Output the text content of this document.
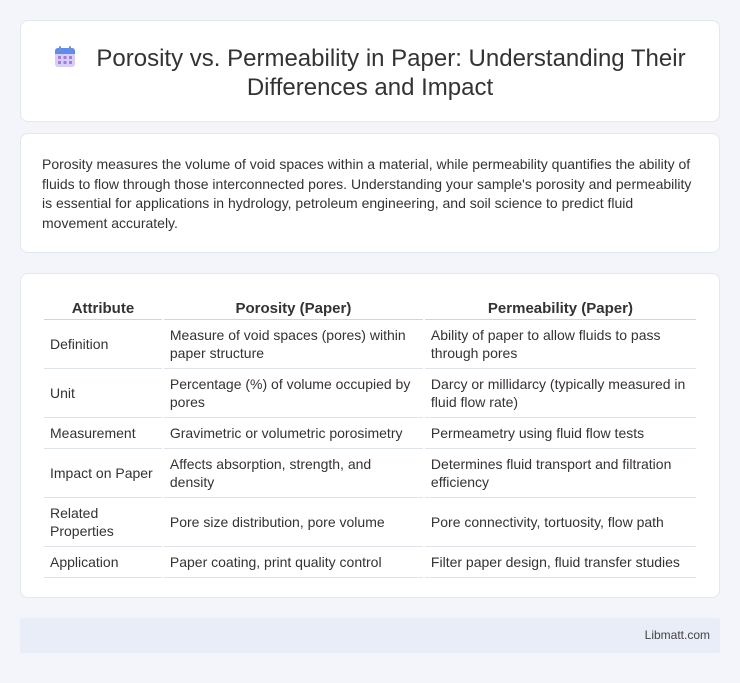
Porosity vs. Permeability in Paper: Understanding Their Differences and Impact

Porosity measures the volume of void spaces within a material, while permeability quantifies the ability of fluids to flow through those interconnected pores. Understanding your sample's porosity and permeability is essential for applications in hydrology, petroleum engineering, and soil science to predict fluid movement accurately.

Attribute	Porosity (Paper)	Permeability (Paper)
Definition	Measure of void spaces (pores) within paper structure	Ability of paper to allow fluids to pass through pores
Unit	Percentage (%) of volume occupied by pores	Darcy or millidarcy (typically measured in fluid flow rate)
Measurement	Gravimetric or volumetric porosimetry	Permeametry using fluid flow tests
Impact on Paper	Affects absorption, strength, and density	Determines fluid transport and filtration efficiency
Related Properties	Pore size distribution, pore volume	Pore connectivity, tortuosity, flow path
Application	Paper coating, print quality control	Filter paper design, fluid transfer studies
Libmatt.com
